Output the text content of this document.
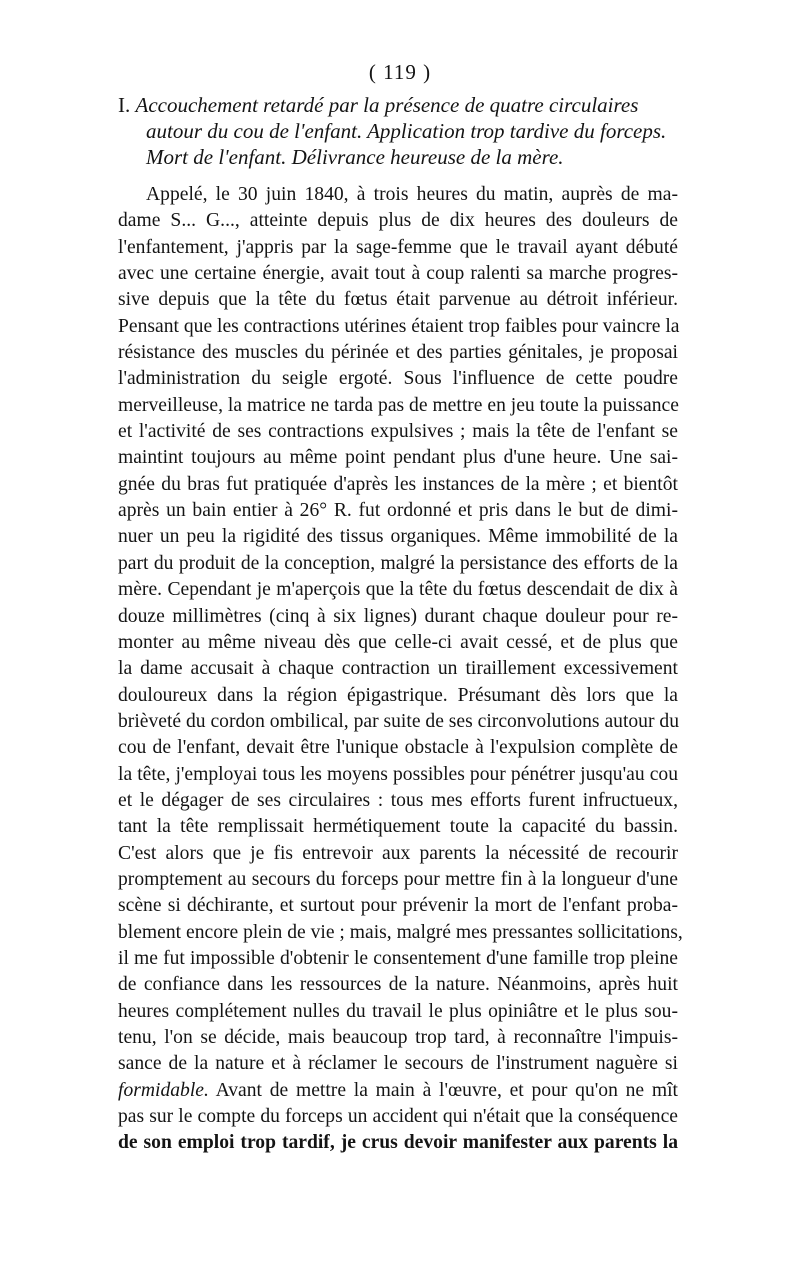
( 119 )
I. Accouchement retardé par la présence de quatre circulaires
autour du cou de l'enfant. Application trop tardive du forceps.
Mort de l'enfant. Délivrance heureuse de la mère.
Appelé, le 30 juin 1840, à trois heures du matin, auprès de ma-
dame S... G..., atteinte depuis plus de dix heures des douleurs de
l'enfantement, j'appris par la sage-femme que le travail ayant débuté
avec une certaine énergie, avait tout à coup ralenti sa marche progres-
sive depuis que la tête du fœtus était parvenue au détroit inférieur.
Pensant que les contractions utérines étaient trop faibles pour vaincre la
résistance des muscles du périnée et des parties génitales, je proposai
l'administration du seigle ergoté. Sous l'influence de cette poudre
merveilleuse, la matrice ne tarda pas de mettre en jeu toute la puissance
et l'activité de ses contractions expulsives ; mais la tête de l'enfant se
maintint toujours au même point pendant plus d'une heure. Une sai-
gnée du bras fut pratiquée d'après les instances de la mère ; et bientôt
après un bain entier à 26° R. fut ordonné et pris dans le but de dimi-
nuer un peu la rigidité des tissus organiques. Même immobilité de la
part du produit de la conception, malgré la persistance des efforts de la
mère. Cependant je m'aperçois que la tête du fœtus descendait de dix à
douze millimètres (cinq à six lignes) durant chaque douleur pour re-
monter au même niveau dès que celle-ci avait cessé, et de plus que
la dame accusait à chaque contraction un tiraillement excessivement
douloureux dans la région épigastrique. Présumant dès lors que la
brièveté du cordon ombilical, par suite de ses circonvolutions autour du
cou de l'enfant, devait être l'unique obstacle à l'expulsion complète de
la tête, j'employai tous les moyens possibles pour pénétrer jusqu'au cou
et le dégager de ses circulaires : tous mes efforts furent infructueux,
tant la tête remplissait hermétiquement toute la capacité du bassin.
C'est alors que je fis entrevoir aux parents la nécessité de recourir
promptement au secours du forceps pour mettre fin à la longueur d'une
scène si déchirante, et surtout pour prévenir la mort de l'enfant proba-
blement encore plein de vie ; mais, malgré mes pressantes sollicitations,
il me fut impossible d'obtenir le consentement d'une famille trop pleine
de confiance dans les ressources de la nature. Néanmoins, après huit
heures complétement nulles du travail le plus opiniâtre et le plus sou-
tenu, l'on se décide, mais beaucoup trop tard, à reconnaître l'impuis-
sance de la nature et à réclamer le secours de l'instrument naguère si
formidable. Avant de mettre la main à l'œuvre, et pour qu'on ne mît
pas sur le compte du forceps un accident qui n'était que la conséquence
de son emploi trop tardif, je crus devoir manifester aux parents la
